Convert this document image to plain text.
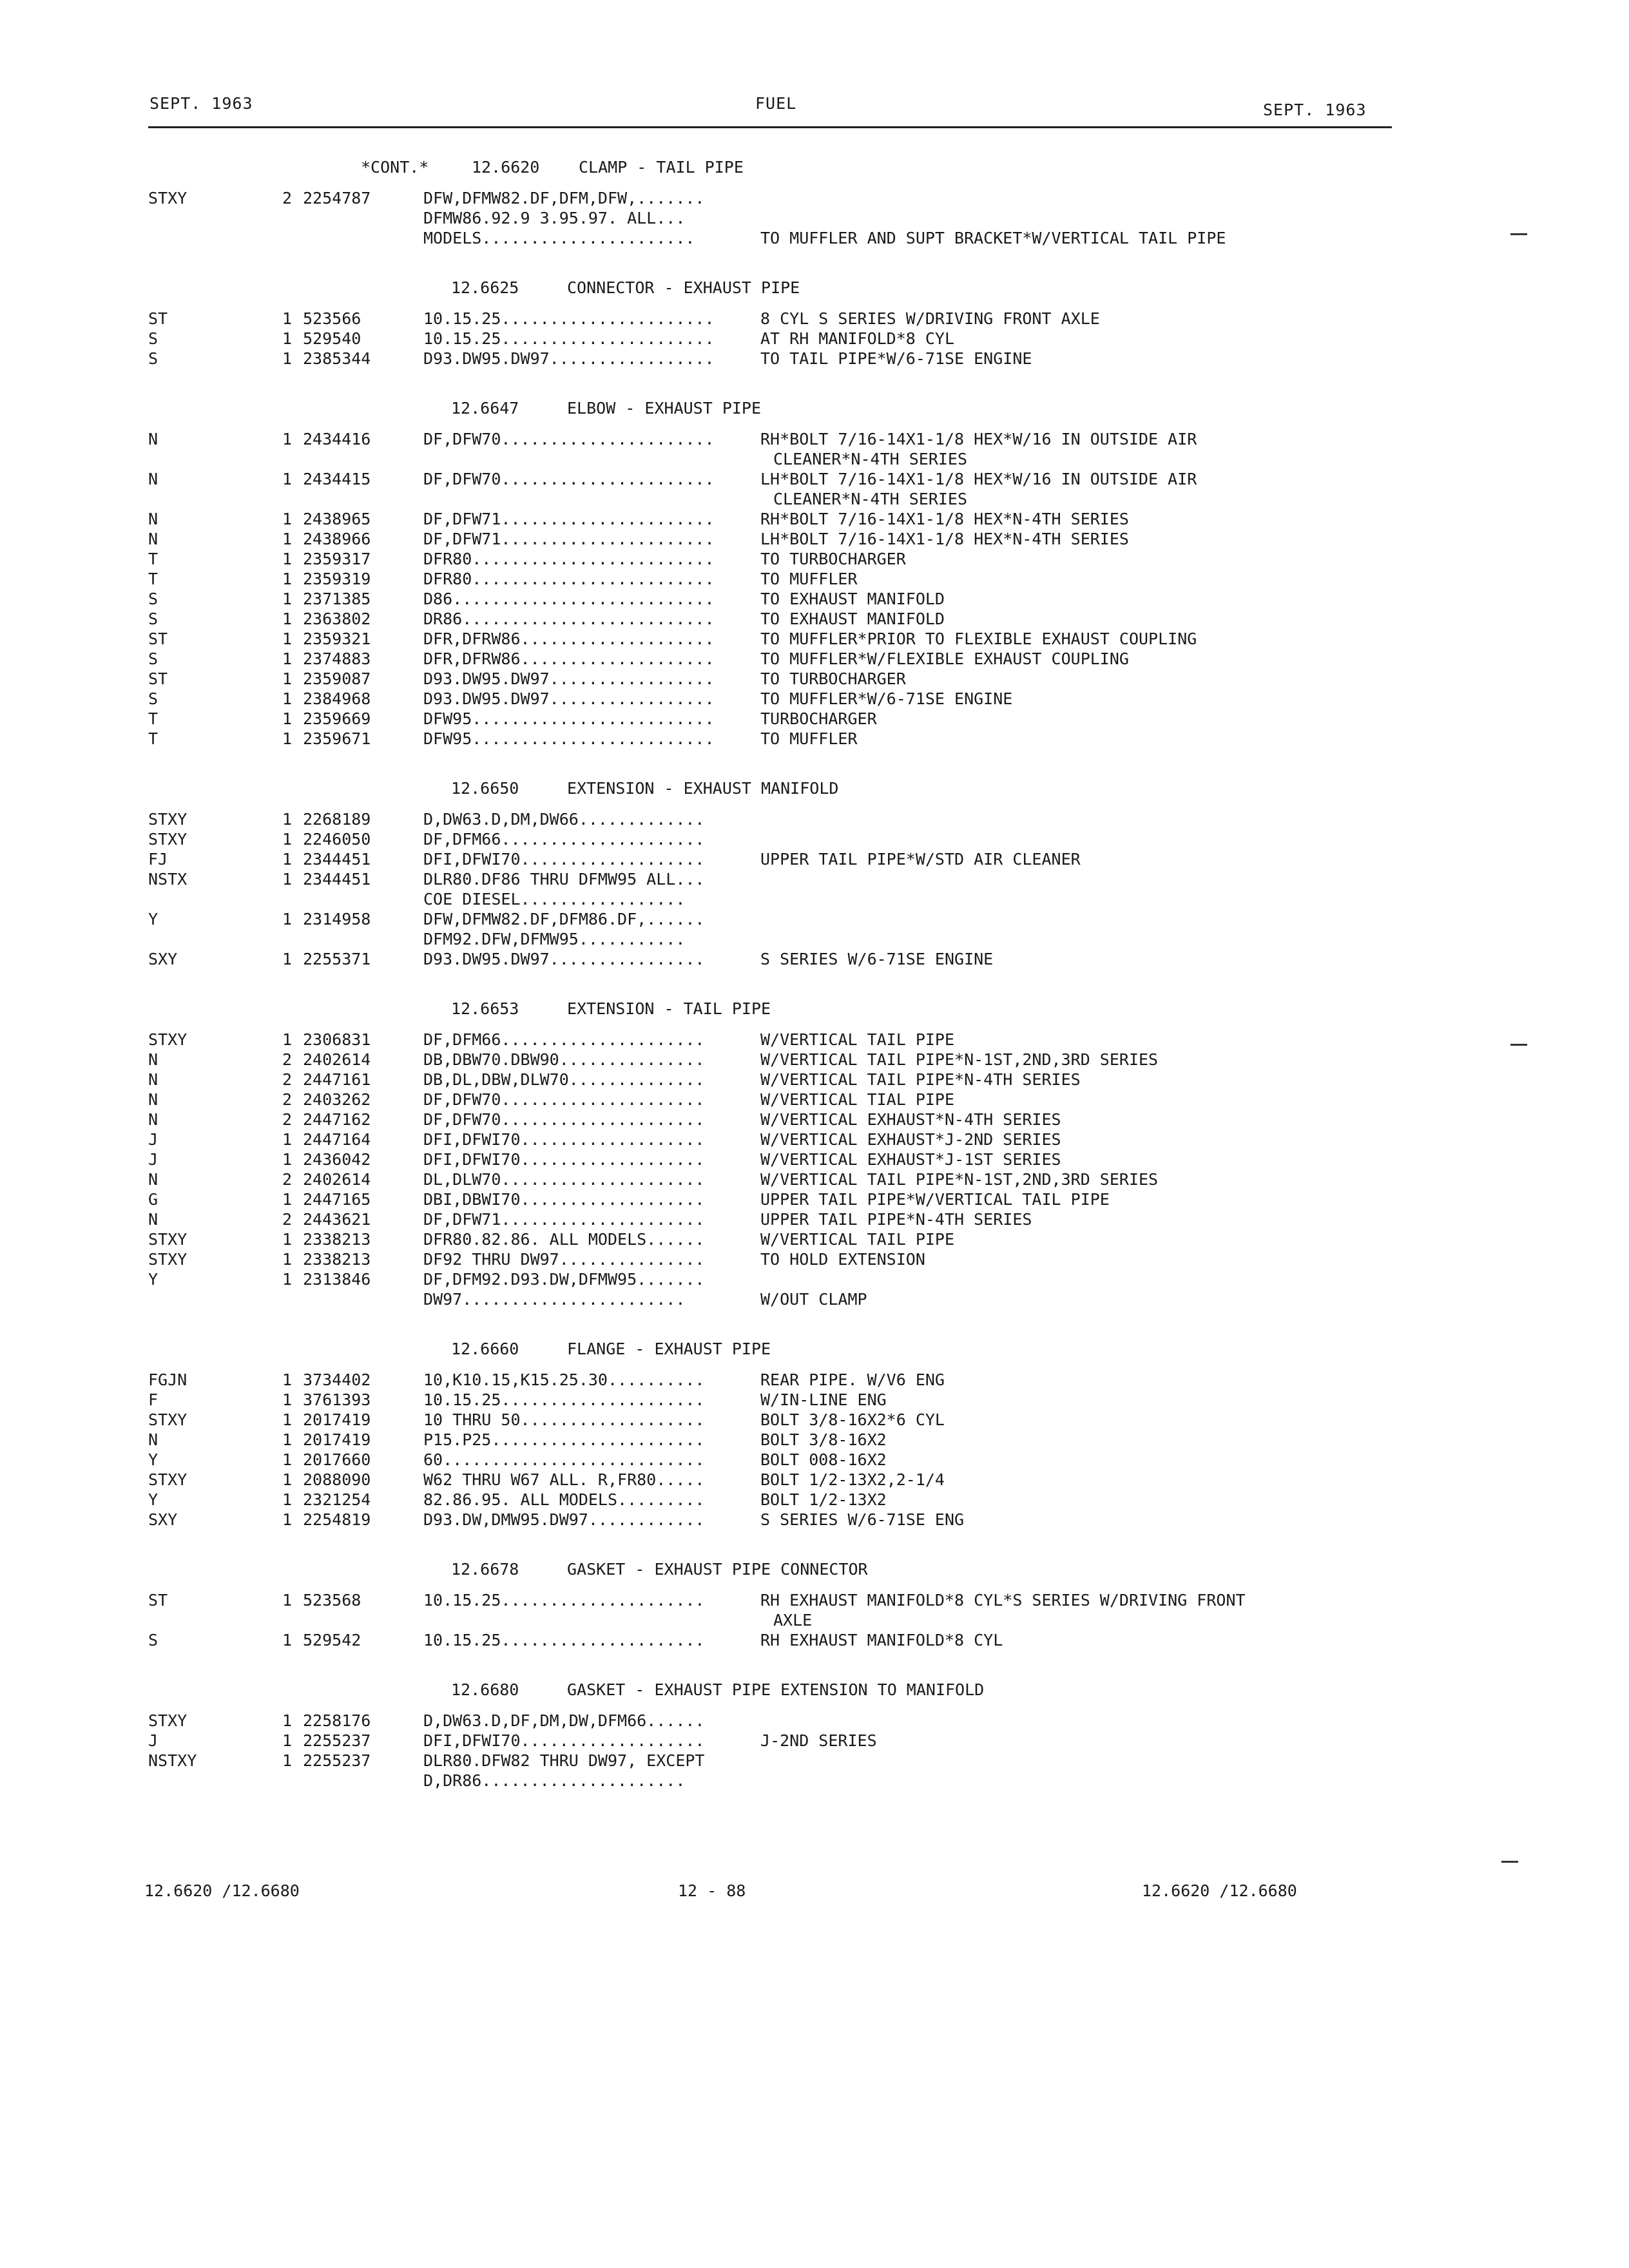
SEPT. 1963	FUEL	SEPT. 1963
*CONT.*	12.6620 CLAMP - TAIL PIPE
STXY	2 2254787	DFW,DFMW82.DF,DFM,DFW,.......
DFMW86.92.9 3.95.97. ALL...
MODELS......................	TO MUFFLER AND SUPT BRACKET*W/VERTICAL TAIL PIPE
12.6625	CONNECTOR - EXHAUST PIPE
ST	1 523566	10.15.25......................	8 CYL S SERIES W/DRIVING FRONT AXLE
S	1 529540	10.15.25......................	AT RH MANIFOLD*8 CYL
S	1 2385344	D93.DW95.DW97.................	TO TAIL PIPE*W/6-71SE ENGINE
12.6647	ELBOW - EXHAUST PIPE
N	1 2434416	DF,DFW70......................	RH*BOLT 7/16-14X1-1/8 HEX*W/16 IN OUTSIDE AIR
CLEANER*N-4TH SERIES
N	1 2434415	DF,DFW70......................	LH*BOLT 7/16-14X1-1/8 HEX*W/16 IN OUTSIDE AIR
CLEANER*N-4TH SERIES
N	1 2438965	DF,DFW71......................	RH*BOLT 7/16-14X1-1/8 HEX*N-4TH SERIES
N	1 2438966	DF,DFW71......................	LH*BOLT 7/16-14X1-1/8 HEX*N-4TH SERIES
T	1 2359317	DFR80.........................	TO TURBOCHARGER
T	1 2359319	DFR80.........................	TO MUFFLER
S	1 2371385	D86...........................	TO EXHAUST MANIFOLD
S	1 2363802	DR86..........................	TO EXHAUST MANIFOLD
ST	1 2359321	DFR,DFRW86....................	TO MUFFLER*PRIOR TO FLEXIBLE EXHAUST COUPLING
S	1 2374883	DFR,DFRW86....................	TO MUFFLER*W/FLEXIBLE EXHAUST COUPLING
ST	1 2359087	D93.DW95.DW97.................	TO TURBOCHARGER
S	1 2384968	D93.DW95.DW97.................	TO MUFFLER*W/6-71SE ENGINE
T	1 2359669	DFW95.........................	TURBOCHARGER
T	1 2359671	DFW95.........................	TO MUFFLER
12.6650	EXTENSION - EXHAUST MANIFOLD
STXY	1 2268189	D,DW63.D,DM,DW66.............
STXY	1 2246050	DF,DFM66.....................
FJ	1 2344451	DFI,DFWI70...................	UPPER TAIL PIPE*W/STD AIR CLEANER
NSTX	1 2344451	DLR80.DF86 THRU DFMW95 ALL...
COE DIESEL.................
Y	1 2314958	DFW,DFMW82.DF,DFM86.DF,......
DFM92.DFW,DFMW95...........
SXY	1 2255371	D93.DW95.DW97................	S SERIES W/6-71SE ENGINE
12.6653	EXTENSION - TAIL PIPE
STXY	1 2306831	DF,DFM66.....................	W/VERTICAL TAIL PIPE
N	2 2402614	DB,DBW70.DBW90...............	W/VERTICAL TAIL PIPE*N-1ST,2ND,3RD SERIES
N	2 2447161	DB,DL,DBW,DLW70..............	W/VERTICAL TAIL PIPE*N-4TH SERIES
N	2 2403262	DF,DFW70.....................	W/VERTICAL TIAL PIPE
N	2 2447162	DF,DFW70.....................	W/VERTICAL EXHAUST*N-4TH SERIES
J	1 2447164	DFI,DFWI70...................	W/VERTICAL EXHAUST*J-2ND SERIES
J	1 2436042	DFI,DFWI70...................	W/VERTICAL EXHAUST*J-1ST SERIES
N	2 2402614	DL,DLW70.....................	W/VERTICAL TAIL PIPE*N-1ST,2ND,3RD SERIES
G	1 2447165	DBI,DBWI70...................	UPPER TAIL PIPE*W/VERTICAL TAIL PIPE
N	2 2443621	DF,DFW71.....................	UPPER TAIL PIPE*N-4TH SERIES
STXY	1 2338213	DFR80.82.86. ALL MODELS......	W/VERTICAL TAIL PIPE
STXY	1 2338213	DF92 THRU DW97...............	TO HOLD EXTENSION
Y	1 2313846	DF,DFM92.D93.DW,DFMW95.......
DW97.......................	W/OUT CLAMP
12.6660	FLANGE - EXHAUST PIPE
FGJN	1 3734402	10,K10.15,K15.25.30..........	REAR PIPE. W/V6 ENG
F	1 3761393	10.15.25.....................	W/IN-LINE ENG
STXY	1 2017419	10 THRU 50...................	BOLT 3/8-16X2*6 CYL
N	1 2017419	P15.P25......................	BOLT 3/8-16X2
Y	1 2017660	60...........................	BOLT 008-16X2
STXY	1 2088090	W62 THRU W67 ALL. R,FR80.....	BOLT 1/2-13X2,2-1/4
Y	1 2321254	82.86.95. ALL MODELS.........	BOLT 1/2-13X2
SXY	1 2254819	D93.DW,DMW95.DW97............	S SERIES W/6-71SE ENG
12.6678	GASKET - EXHAUST PIPE CONNECTOR
ST	1 523568	10.15.25.....................	RH EXHAUST MANIFOLD*8 CYL*S SERIES W/DRIVING FRONT
AXLE
S	1 529542	10.15.25.....................	RH EXHAUST MANIFOLD*8 CYL
12.6680	GASKET - EXHAUST PIPE EXTENSION TO MANIFOLD
STXY	1 2258176	D,DW63.D,DF,DM,DW,DFM66......
J	1 2255237	DFI,DFWI70...................	J-2ND SERIES
NSTXY	1 2255237	DLR80.DFW82 THRU DW97, EXCEPT
D,DR86.....................
12.6620 /12.6680	12 - 88	12.6620 /12.6680
